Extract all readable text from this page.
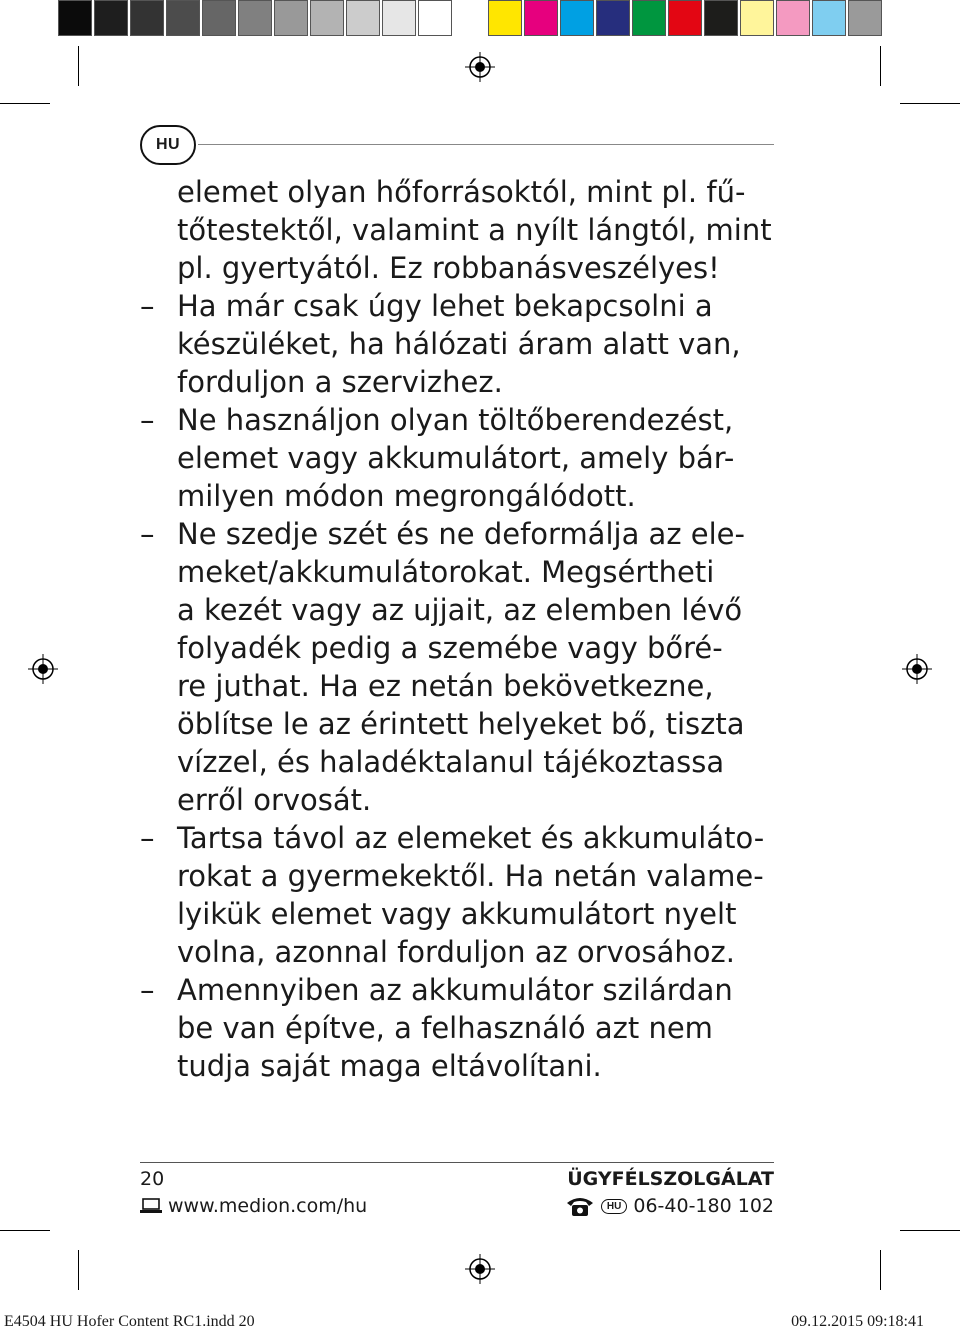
HU
elemet olyan hőforrásoktól, mint pl. fű-
tőtestektől, valamint a nyílt lángtól, mint
pl. gyertyától. Ez robbanásveszélyes!
– Ha már csak úgy lehet bekapcsolni a
készüléket, ha hálózati áram alatt van,
forduljon a szervizhez.
– Ne használjon olyan töltőberendezést,
elemet vagy akkumulátort, amely bár-
milyen módon megrongálódott.
– Ne szedje szét és ne deformálja az ele-
meket/akkumulátorokat. Megsértheti
a kezét vagy az ujjait, az elemben lévő
folyadék pedig a szemébe vagy bőré-
re juthat. Ha ez netán bekövetkezne,
öblítse le az érintett helyeket bő, tiszta
vízzel, és haladéktalanul tájékoztassa
erről orvosát.
– Tartsa távol az elemeket és akkumuláto-
rokat a gyermekektől. Ha netán valame-
lyikük elemet vagy akkumulátort nyelt
volna, azonnal forduljon az orvosához.
– Amennyiben az akkumulátor szilárdan
be van építve, a felhasználó azt nem
tudja saját maga eltávolítani.
20
www.medion.com/hu
ÜGYFÉLSZOLGÁLAT
HU 06-40-180 102
E4504 HU Hofer Content RC1.indd 20	09.12.2015 09:18:41
